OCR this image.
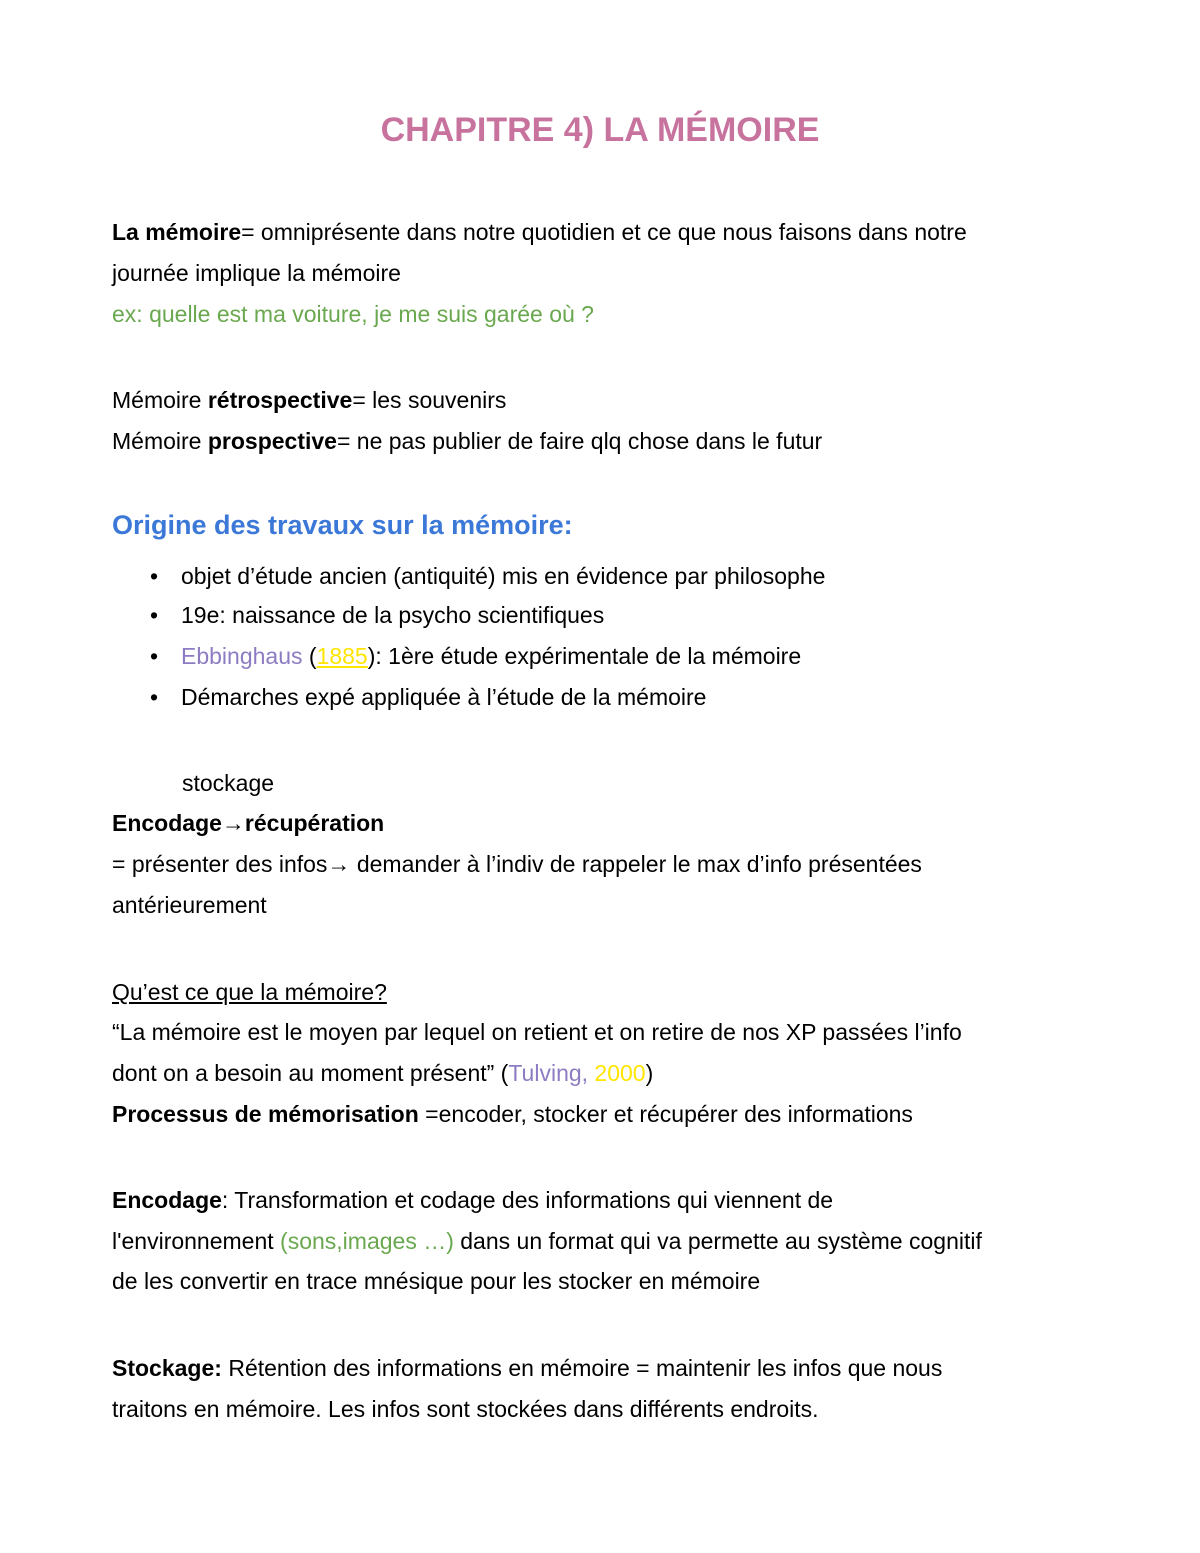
CHAPITRE 4) LA MÉMOIRE
La mémoire= omniprésente dans notre quotidien et ce que nous faisons dans notre
journée implique la mémoire
ex: quelle est ma voiture, je me suis garée où ?
Mémoire rétrospective= les souvenirs
Mémoire prospective= ne pas publier de faire qlq chose dans le futur
Origine des travaux sur la mémoire:
• objet d’étude ancien (antiquité) mis en évidence par philosophe
• 19e: naissance de la psycho scientifiques
• Ebbinghaus (1885): 1ère étude expérimentale de la mémoire
• Démarches expé appliquée à l’étude de la mémoire
stockage
Encodage→récupération
= présenter des infos→ demander à l’indiv de rappeler le max d’info présentées
antérieurement
Qu’est ce que la mémoire?
“La mémoire est le moyen par lequel on retient et on retire de nos XP passées l’info
dont on a besoin au moment présent” (Tulving, 2000)
Processus de mémorisation =encoder, stocker et récupérer des informations
Encodage: Transformation et codage des informations qui viennent de
l'environnement (sons,images …) dans un format qui va permette au système cognitif
de les convertir en trace mnésique pour les stocker en mémoire
Stockage: Rétention des informations en mémoire = maintenir les infos que nous
traitons en mémoire. Les infos sont stockées dans différents endroits.
